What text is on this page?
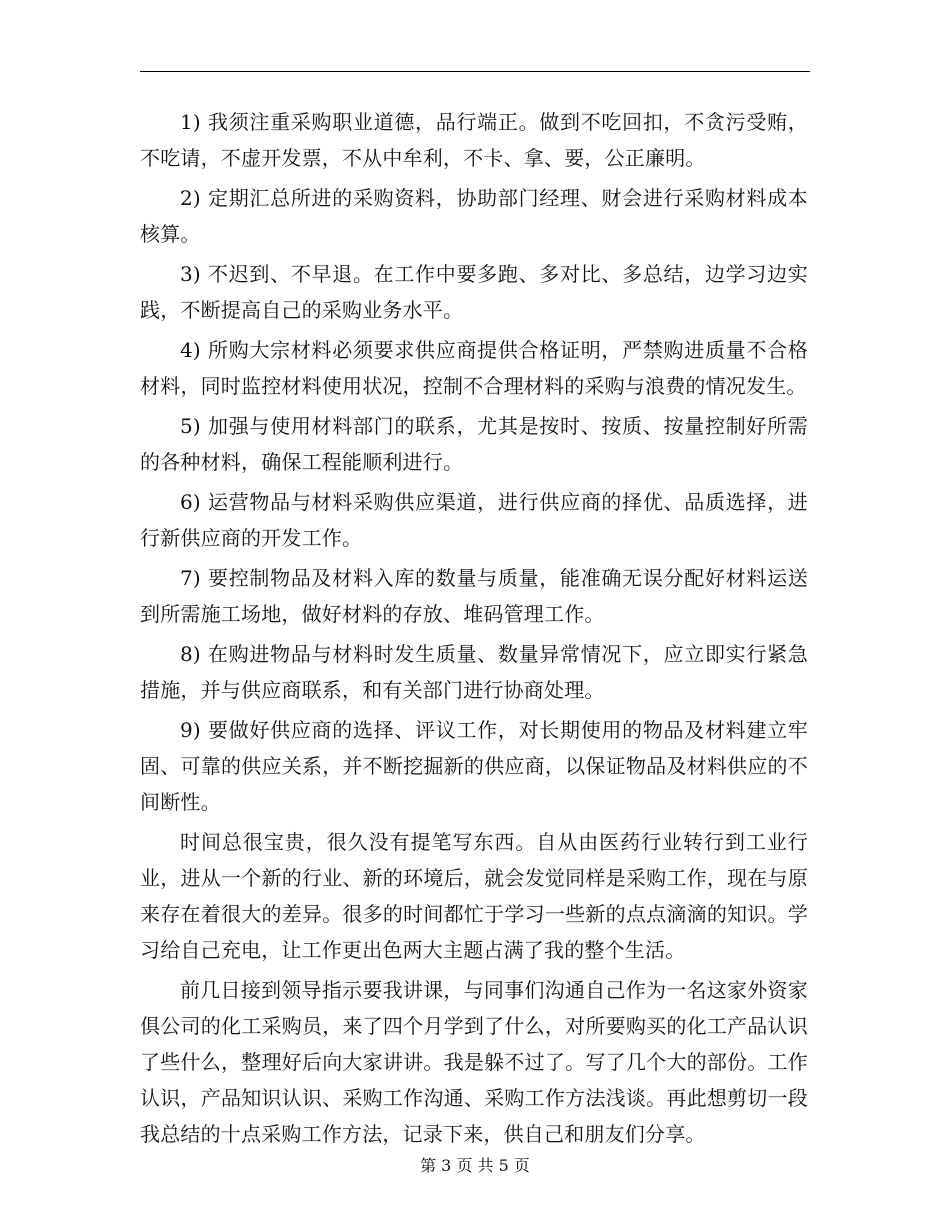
1) 我须注重采购职业道德，品行端正。做到不吃回扣，不贪污受贿，不吃请，不虚开发票，不从中牟利，不卡、拿、要，公正廉明。

2) 定期汇总所进的采购资料，协助部门经理、财会进行采购材料成本核算。

3) 不迟到、不早退。在工作中要多跑、多对比、多总结，边学习边实践，不断提高自己的采购业务水平。

4) 所购大宗材料必须要求供应商提供合格证明，严禁购进质量不合格材料，同时监控材料使用状况，控制不合理材料的采购与浪费的情况发生。

5) 加强与使用材料部门的联系，尤其是按时、按质、按量控制好所需的各种材料，确保工程能顺利进行。

6) 运营物品与材料采购供应渠道，进行供应商的择优、品质选择，进行新供应商的开发工作。

7) 要控制物品及材料入库的数量与质量，能准确无误分配好材料运送到所需施工场地，做好材料的存放、堆码管理工作。

8) 在购进物品与材料时发生质量、数量异常情况下，应立即实行紧急措施，并与供应商联系，和有关部门进行协商处理。

9) 要做好供应商的选择、评议工作，对长期使用的物品及材料建立牢固、可靠的供应关系，并不断挖掘新的供应商，以保证物品及材料供应的不间断性。

时间总很宝贵，很久没有提笔写东西。自从由医药行业转行到工业行业，进从一个新的行业、新的环境后，就会发觉同样是采购工作，现在与原来存在着很大的差异。很多的时间都忙于学习一些新的点点滴滴的知识。学习给自己充电，让工作更出色两大主题占满了我的整个生活。

前几日接到领导指示要我讲课，与同事们沟通自己作为一名这家外资家俱公司的化工采购员，来了四个月学到了什么，对所要购买的化工产品认识了些什么，整理好后向大家讲讲。我是躲不过了。写了几个大的部份。工作认识，产品知识认识、采购工作沟通、采购工作方法浅谈。再此想剪切一段我总结的十点采购工作方法，记录下来，供自己和朋友们分享。

第 3 页 共 5 页
